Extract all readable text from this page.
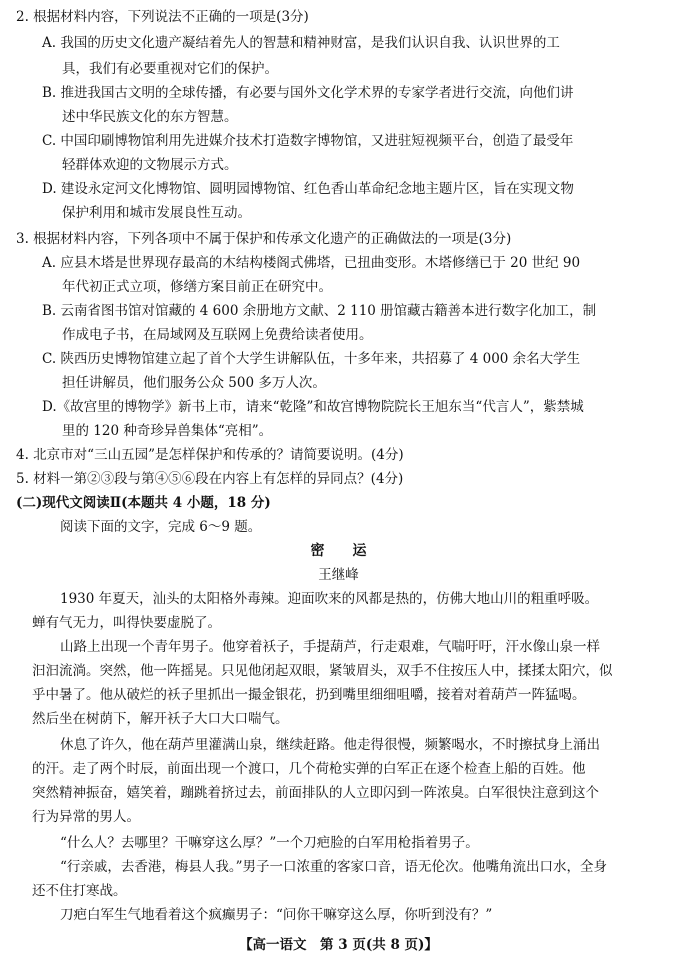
2. 根据材料内容，下列说法不正确的一项是(3分)
A. 我国的历史文化遗产凝结着先人的智慧和精神财富，是我们认识自我、认识世界的工
具，我们有必要重视对它们的保护。
B. 推进我国古文明的全球传播，有必要与国外文化学术界的专家学者进行交流，向他们讲
述中华民族文化的东方智慧。
C. 中国印刷博物馆利用先进媒介技术打造数字博物馆，又进驻短视频平台，创造了最受年
轻群体欢迎的文物展示方式。
D. 建设永定河文化博物馆、圆明园博物馆、红色香山革命纪念地主题片区，旨在实现文物
保护利用和城市发展良性互动。
3. 根据材料内容，下列各项中不属于保护和传承文化遗产的正确做法的一项是(3分)
A. 应县木塔是世界现存最高的木结构楼阁式佛塔，已扭曲变形。木塔修缮已于 20 世纪 90
年代初正式立项，修缮方案目前正在研究中。
B. 云南省图书馆对馆藏的 4 600 余册地方文献、2 110 册馆藏古籍善本进行数字化加工，制
作成电子书，在局域网及互联网上免费给读者使用。
C. 陕西历史博物馆建立起了首个大学生讲解队伍，十多年来，共招募了 4 000 余名大学生
担任讲解员，他们服务公众 500 多万人次。
D.《故宫里的博物学》新书上市，请来“乾隆”和故宫博物院院长王旭东当“代言人”，紫禁城
里的 120 种奇珍异兽集体“亮相”。
4. 北京市对“三山五园”是怎样保护和传承的？请简要说明。(4分)
5. 材料一第②③段与第④⑤⑥段在内容上有怎样的异同点？(4分)
(二)现代文阅读Ⅱ(本题共 4 小题，18 分)
阅读下面的文字，完成 6～9 题。
密运
王继峰
1930 年夏天，汕头的太阳格外毒辣。迎面吹来的风都是热的，仿佛大地山川的粗重呼吸。
蝉有气无力，叫得快要虚脱了。
山路上出现一个青年男子。他穿着袄子，手提葫芦，行走艰难，气喘吁吁，汗水像山泉一样
汩汩流淌。突然，他一阵摇晃。只见他闭起双眼，紧皱眉头，双手不住按压人中，揉揉太阳穴，似
乎中暑了。他从破烂的袄子里抓出一撮金银花，扔到嘴里细细咀嚼，接着对着葫芦一阵猛喝。
然后坐在树荫下，解开袄子大口大口喘气。
休息了许久，他在葫芦里灌满山泉，继续赶路。他走得很慢，频繁喝水，不时擦拭身上涌出
的汗。走了两个时辰，前面出现一个渡口，几个荷枪实弹的白军正在逐个检查上船的百姓。他
突然精神振奋，嬉笑着，蹦跳着挤过去，前面排队的人立即闪到一阵浓臭。白军很快注意到这个
行为异常的男人。
“什么人？去哪里？干嘛穿这么厚？”一个刀疤脸的白军用枪指着男子。
“行亲戚，去香港，梅县人我。”男子一口浓重的客家口音，语无伦次。他嘴角流出口水，全身
还不住打寒战。
刀疤白军生气地看着这个疯癫男子：“问你干嘛穿这么厚，你听到没有？”
【高一语文　第 3 页(共 8 页)】
